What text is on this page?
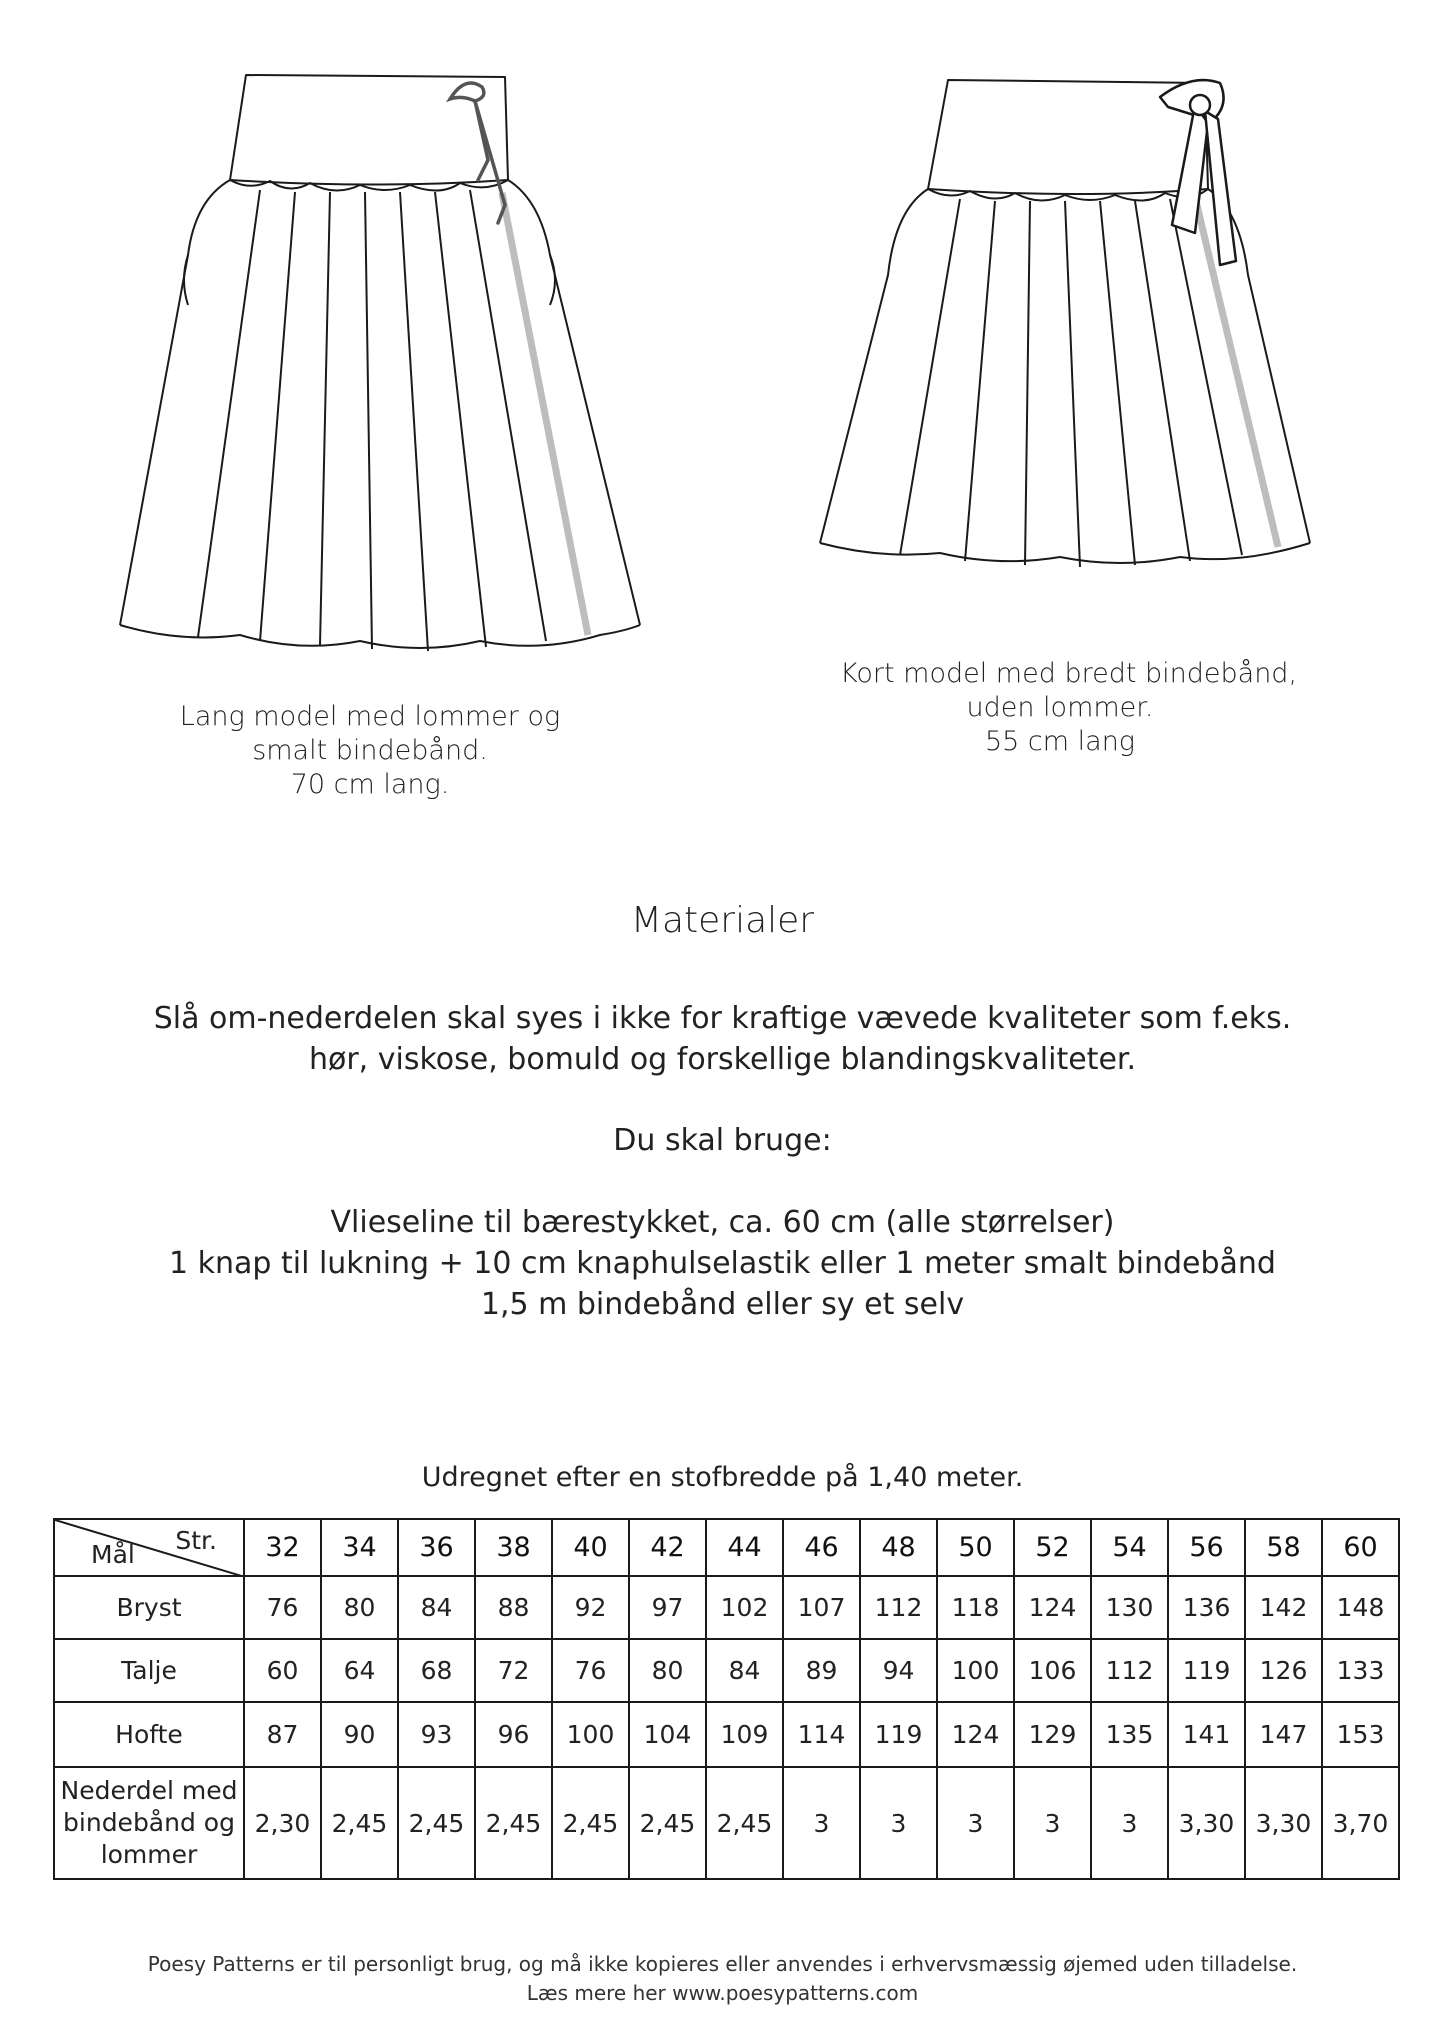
Lang model med lommer og
smalt bindebånd.
70 cm lang.
Kort model med bredt bindebånd,
uden lommer.
55 cm lang
Materialer
Slå om-nederdelen skal syes i ikke for kraftige vævede kvaliteter som f.eks.
hør, viskose, bomuld og forskellige blandingskvaliteter.
Du skal bruge:
Vlieseline til bærestykket, ca. 60 cm (alle størrelser)
1 knap til lukning + 10 cm knaphulselastik eller 1 meter smalt bindebånd
1,5 m bindebånd eller sy et selv
Udregnet efter en stofbredde på 1,40 meter.
Str.
Mål	32	34	36	38	40	42	44	46	48	50	52	54	56	58	60
Bryst	76	80	84	88	92	97	102	107	112	118	124	130	136	142	148
Talje	60	64	68	72	76	80	84	89	94	100	106	112	119	126	133
Hofte	87	90	93	96	100	104	109	114	119	124	129	135	141	147	153

Nederdel med
bindebånd og
lommer	2,30	2,45	2,45	2,45	2,45	2,45	2,45	3	3	3	3	3	3,30	3,30	3,70
Poesy Patterns er til personligt brug, og må ikke kopieres eller anvendes i erhvervsmæssig øjemed uden tilladelse.
Læs mere her www.poesypatterns.com
